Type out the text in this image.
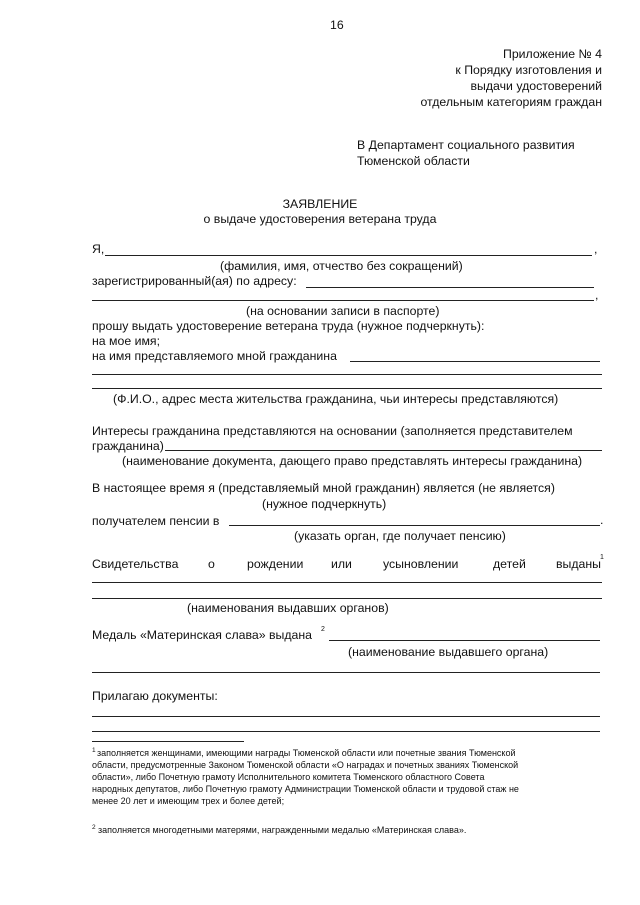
16
Приложение № 4
к Порядку изготовления и
выдачи удостоверений
отдельным категориям граждан
В Департамент социального развития
Тюменской области
ЗАЯВЛЕНИЕ
о выдаче удостоверения ветерана труда
Я,	,
(фамилия, имя, отчество без сокращений)
зарегистрированный(ая) по адресу:
,
(на основании записи в паспорте)
прошу выдать удостоверение ветерана труда (нужное подчеркнуть):
на мое имя;
на имя представляемого мной гражданина
(Ф.И.О., адрес места жительства гражданина, чьи интересы представляются)
Интересы гражданина представляются на основании (заполняется представителем
гражданина)
(наименование документа, дающего право представлять интересы гражданина)
В настоящее время я (представляемый мной гражданин) является (не является)
(нужное подчеркнуть)
получателем пенсии в	.
(указать орган, где получает пенсию)
Свидетельства о	рождении или	усыновлении	детей выданы
1
(наименования выдавших органов)
Медаль «Материнская слава» выдана 2
(наименование выдавшего органа)
Прилагаю документы:
1 заполняется женщинами, имеющими награды Тюменской области или почетные звания Тюменской
области, предусмотренные Законом Тюменской области «О наградах и почетных званиях Тюменской
области», либо Почетную грамоту Исполнительного комитета Тюменского областного Совета
народных депутатов, либо Почетную грамоту Администрации Тюменской области и трудовой стаж не
менее 20 лет и имеющим трех и более детей;
2 заполняется многодетными матерями, награжденными медалью «Материнская слава».
